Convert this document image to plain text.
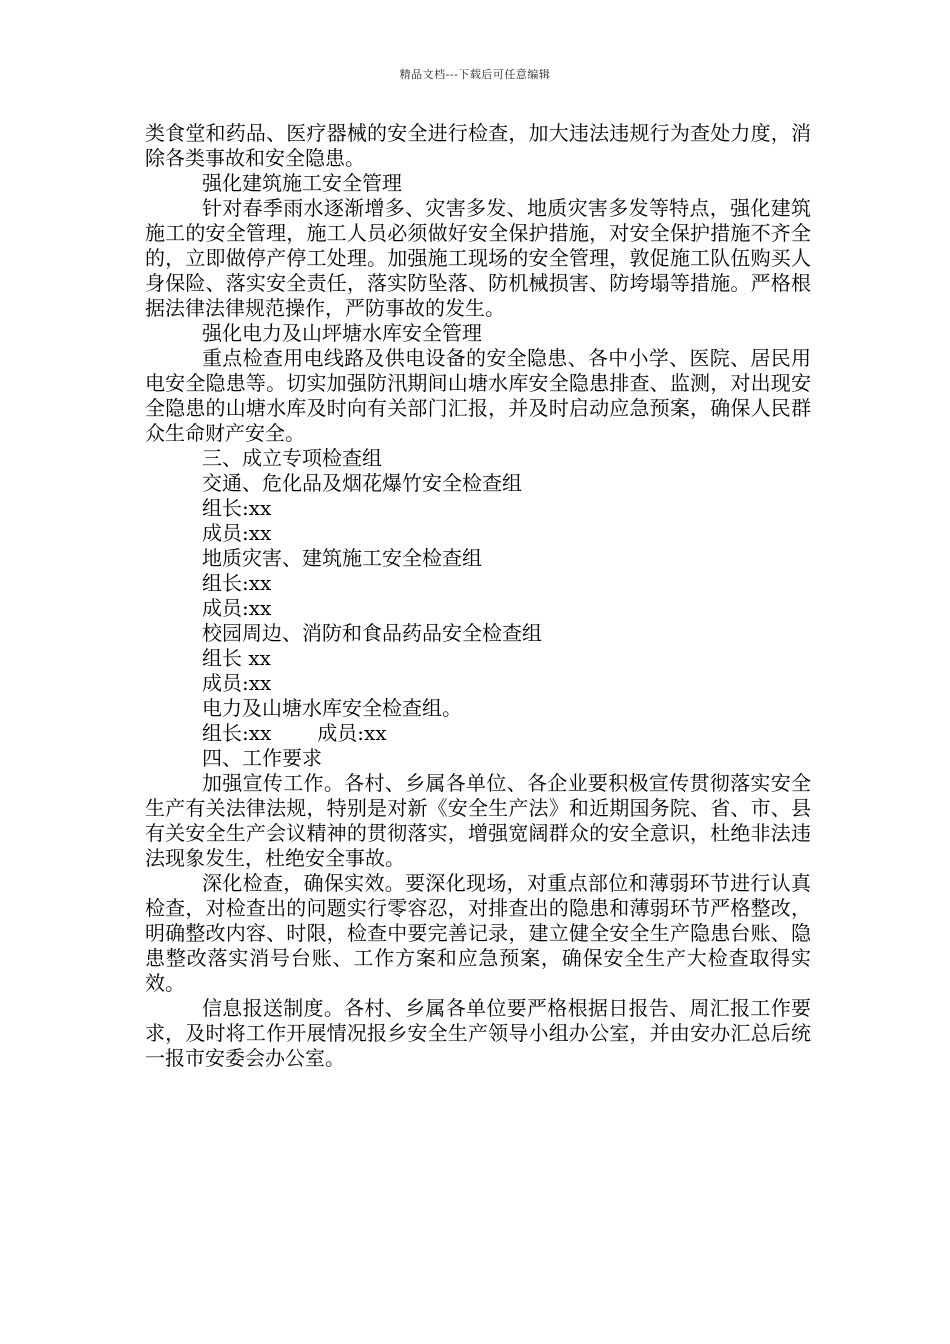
精品文档---下载后可任意编辑

类食堂和药品、医疗器械的安全进行检查，加大违法违规行为查处力度，消除各类事故和安全隐患。

强化建筑施工安全管理

针对春季雨水逐渐增多、灾害多发、地质灾害多发等特点，强化建筑施工的安全管理，施工人员必须做好安全保护措施，对安全保护措施不齐全的，立即做停产停工处理。加强施工现场的安全管理，敦促施工队伍购买人身保险、落实安全责任，落实防坠落、防机械损害、防垮塌等措施。严格根据法律法律规范操作，严防事故的发生。

强化电力及山坪塘水库安全管理

重点检查用电线路及供电设备的安全隐患、各中小学、医院、居民用电安全隐患等。切实加强防汛期间山塘水库安全隐患排查、监测，对出现安全隐患的山塘水库及时向有关部门汇报，并及时启动应急预案，确保人民群众生命财产安全。

三、成立专项检查组

交通、危化品及烟花爆竹安全检查组

组长:xx

成员:xx

地质灾害、建筑施工安全检查组

组长:xx

成员:xx

校园周边、消防和食品药品安全检查组

组长 xx

成员:xx

电力及山塘水库安全检查组。

组长:xx 成员:xx

四、工作要求

加强宣传工作。各村、乡属各单位、各企业要积极宣传贯彻落实安全生产有关法律法规，特别是对新《安全生产法》和近期国务院、省、市、县有关安全生产会议精神的贯彻落实，增强宽阔群众的安全意识，杜绝非法违法现象发生，杜绝安全事故。

深化检查，确保实效。要深化现场，对重点部位和薄弱环节进行认真检查，对检查出的问题实行零容忍，对排查出的隐患和薄弱环节严格整改，明确整改内容、时限，检查中要完善记录，建立健全安全生产隐患台账、隐患整改落实消号台账、工作方案和应急预案，确保安全生产大检查取得实效。

信息报送制度。各村、乡属各单位要严格根据日报告、周汇报工作要求，及时将工作开展情况报乡安全生产领导小组办公室，并由安办汇总后统一报市安委会办公室。
